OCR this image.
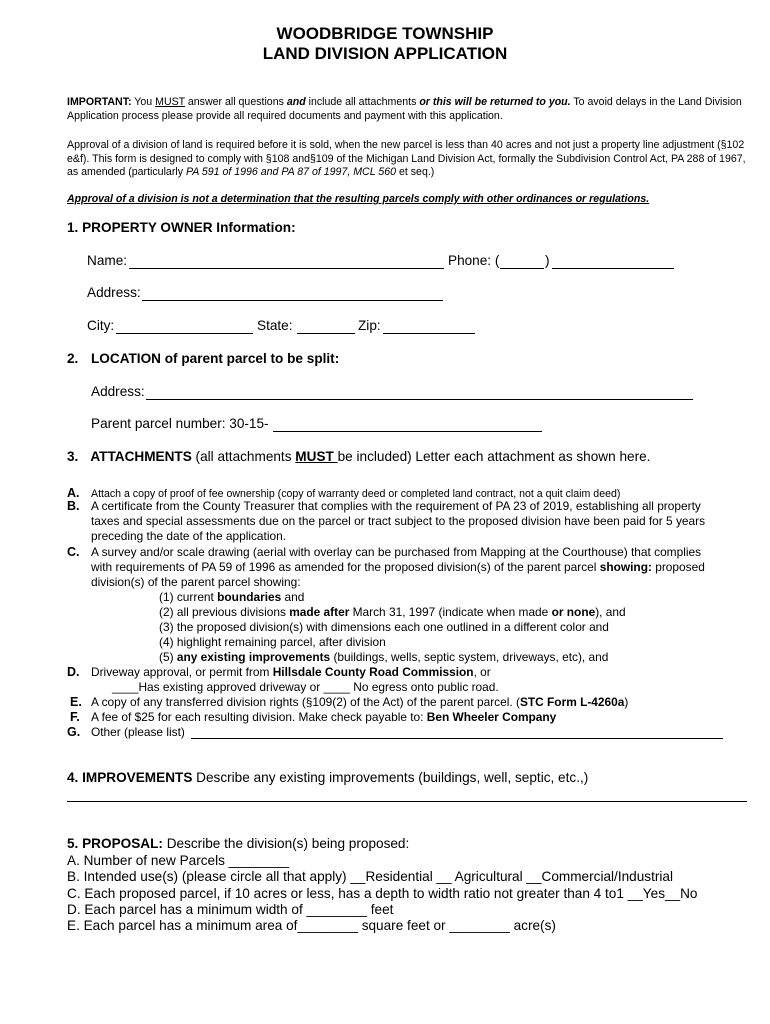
WOODBRIDGE TOWNSHIP
LAND DIVISION APPLICATION
IMPORTANT: You MUST answer all questions and include all attachments or this will be returned to you. To avoid delays in the Land Division Application process please provide all required documents and payment with this application.
Approval of a division of land is required before it is sold, when the new parcel is less than 40 acres and not just a property line adjustment (§102 e&f). This form is designed to comply with §108 and§109 of the Michigan Land Division Act, formally the Subdivision Control Act, PA 288 of 1967, as amended (particularly PA 591 of 1996 and PA 87 of 1997, MCL 560 et seq.)
Approval of a division is not a determination that the resulting parcels comply with other ordinances or regulations.
1. PROPERTY OWNER Information:
Name:	Phone: (	)
Address:
City:	State:	Zip:
2. LOCATION of parent parcel to be split:
Address:
Parent parcel number: 30-15-
3. ATTACHMENTS (all attachments MUST be included) Letter each attachment as shown here.
A. Attach a copy of proof of fee ownership (copy of warranty deed or completed land contract, not a quit claim deed)
B. A certificate from the County Treasurer that complies with the requirement of PA 23 of 2019, establishing all property
taxes and special assessments due on the parcel or tract subject to the proposed division have been paid for 5 years
preceding the date of the application.
C. A survey and/or scale drawing (aerial with overlay can be purchased from Mapping at the Courthouse) that complies
with requirements of PA 59 of 1996 as amended for the proposed division(s) of the parent parcel showing: proposed
division(s) of the parent parcel showing:
(1) current boundaries and
(2) all previous divisions made after March 31, 1997 (indicate when made or none), and
(3) the proposed division(s) with dimensions each one outlined in a different color and
(4) highlight remaining parcel, after division
(5) any existing improvements (buildings, wells, septic system, driveways, etc), and
D. Driveway approval, or permit from Hillsdale County Road Commission, or
____Has existing approved driveway or ____ No egress onto public road.
E. A copy of any transferred division rights (§109(2) of the Act) of the parent parcel. (STC Form L-4260a)
F. A fee of $25 for each resulting division. Make check payable to: Ben Wheeler Company
G. Other (please list)
4. IMPROVEMENTS Describe any existing improvements (buildings, well, septic, etc.,)
5. PROPOSAL: Describe the division(s) being proposed:
A. Number of new Parcels ________
B. Intended use(s) (please circle all that apply) __Residential __ Agricultural __Commercial/Industrial
C. Each proposed parcel, if 10 acres or less, has a depth to width ratio not greater than 4 to1 __Yes__No
D. Each parcel has a minimum width of ________ feet
E. Each parcel has a minimum area of________ square feet or ________ acre(s)
